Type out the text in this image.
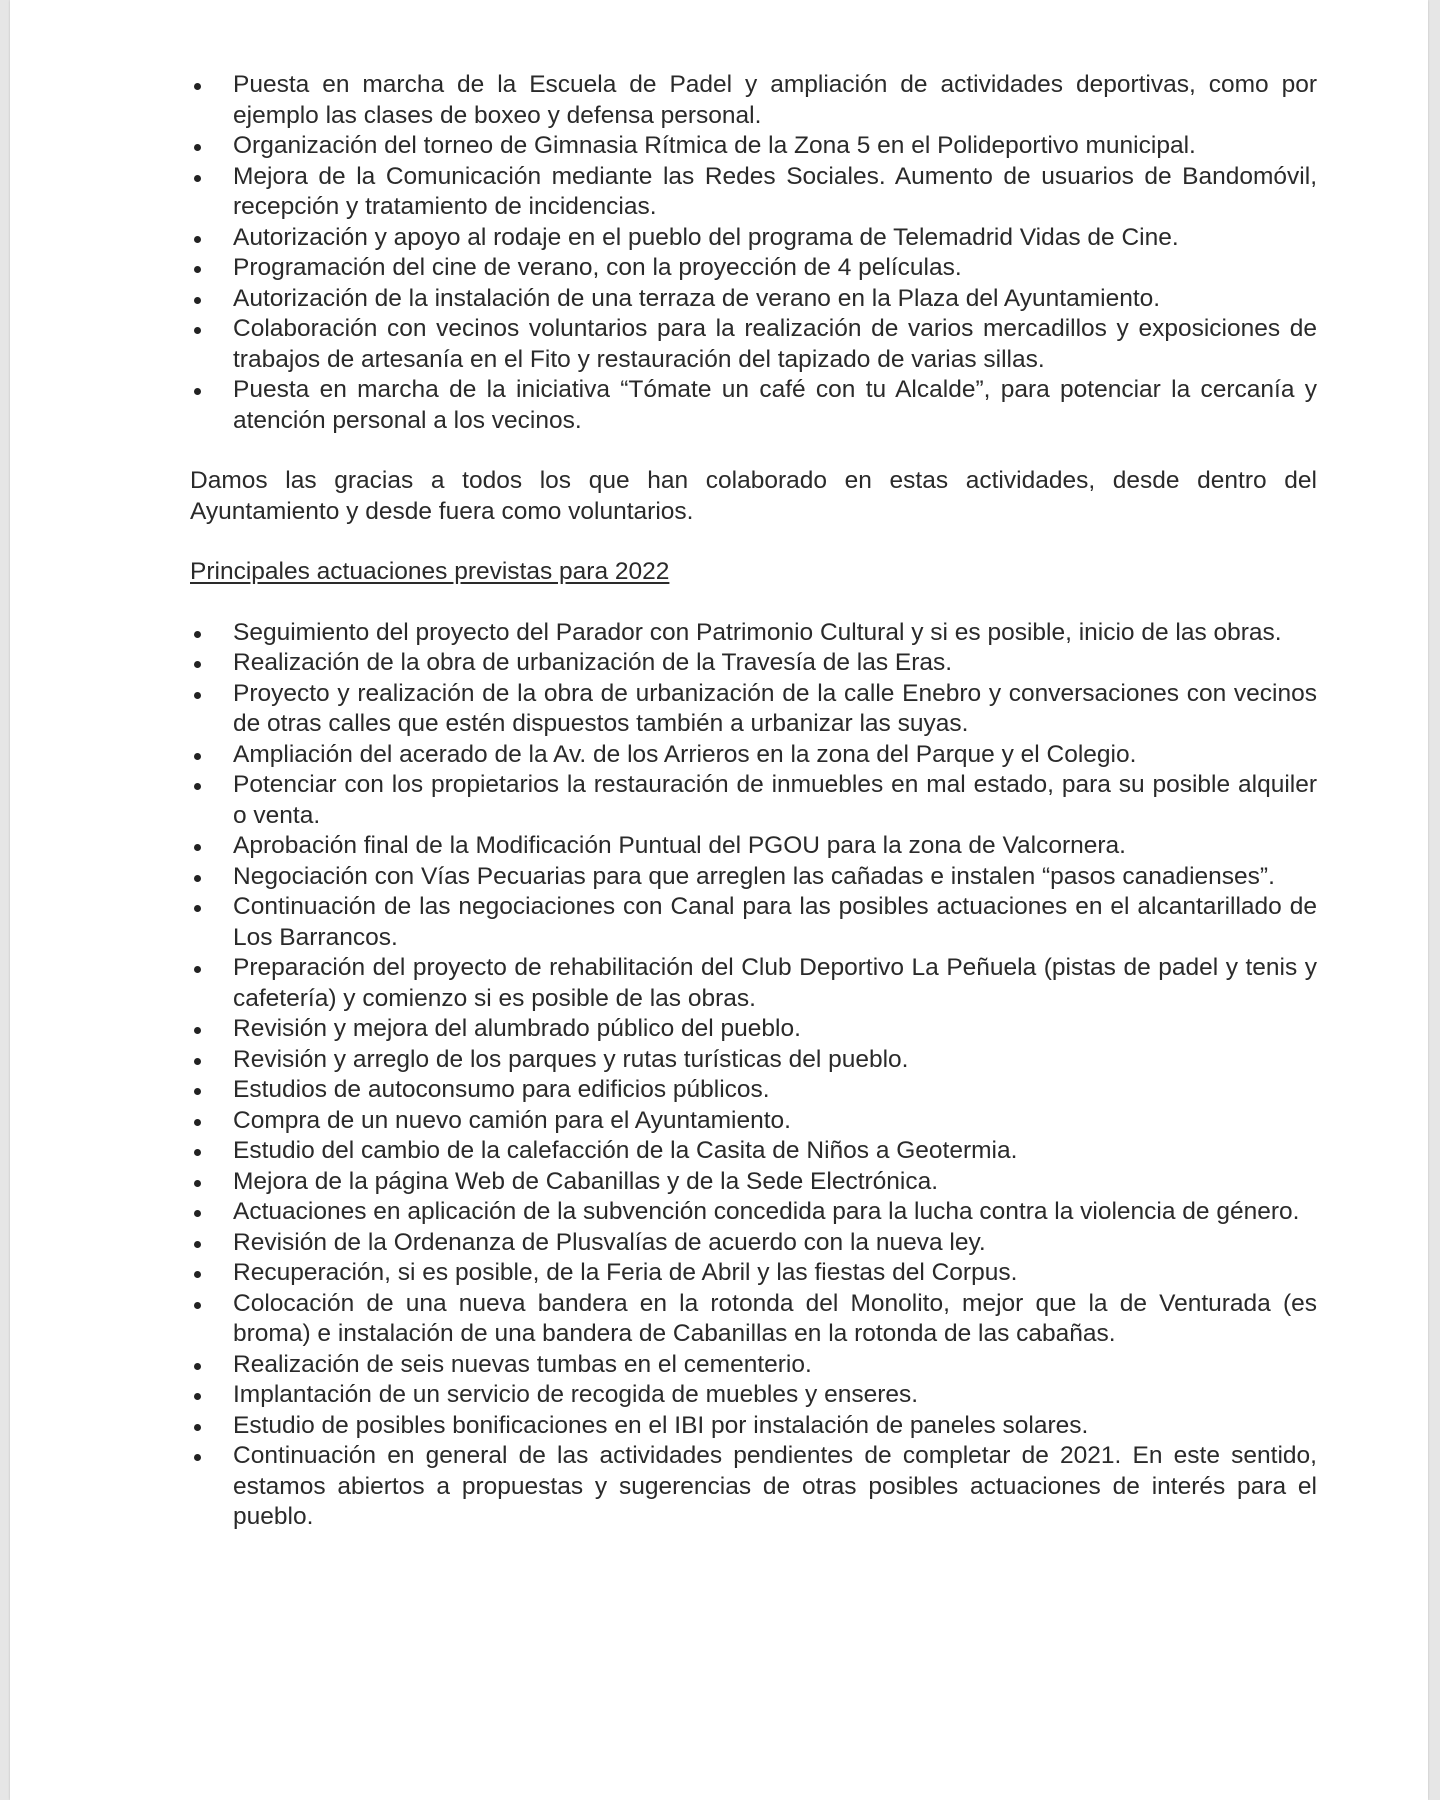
Puesta en marcha de la Escuela de Padel y ampliación de actividades deportivas, como por ejemplo las clases de boxeo y defensa personal.
Organización del torneo de Gimnasia Rítmica de la Zona 5 en el Polideportivo municipal.
Mejora de la Comunicación mediante las Redes Sociales. Aumento de usuarios de Bandomóvil, recepción y tratamiento de incidencias.
Autorización y apoyo al rodaje en el pueblo del programa de Telemadrid Vidas de Cine.
Programación del cine de verano, con la proyección de 4 películas.
Autorización de la instalación de una terraza de verano en la Plaza del Ayuntamiento.
Colaboración con vecinos voluntarios para la realización de varios mercadillos y exposiciones de trabajos de artesanía en el Fito y restauración del tapizado de varias sillas.
Puesta en marcha de la iniciativa “Tómate un café con tu Alcalde”, para potenciar la cercanía y atención personal a los vecinos.

Damos las gracias a todos los que han colaborado en estas actividades, desde dentro del Ayuntamiento y desde fuera como voluntarios.

Principales actuaciones previstas para 2022

Seguimiento del proyecto del Parador con Patrimonio Cultural y si es posible, inicio de las obras.
Realización de la obra de urbanización de la Travesía de las Eras.
Proyecto y realización de la obra de urbanización de la calle Enebro y conversaciones con vecinos de otras calles que estén dispuestos también a urbanizar las suyas.
Ampliación del acerado de la Av. de los Arrieros en la zona del Parque y el Colegio.
Potenciar con los propietarios la restauración de inmuebles en mal estado, para su posible alquiler o venta.
Aprobación final de la Modificación Puntual del PGOU para la zona de Valcornera.
Negociación con Vías Pecuarias para que arreglen las cañadas e instalen “pasos canadienses”.
Continuación de las negociaciones con Canal para las posibles actuaciones en el alcantarillado de Los Barrancos.
Preparación del proyecto de rehabilitación del Club Deportivo La Peñuela (pistas de padel y tenis y cafetería) y comienzo si es posible de las obras.
Revisión y mejora del alumbrado público del pueblo.
Revisión y arreglo de los parques y rutas turísticas del pueblo.
Estudios de autoconsumo para edificios públicos.
Compra de un nuevo camión para el Ayuntamiento.
Estudio del cambio de la calefacción de la Casita de Niños a Geotermia.
Mejora de la página Web de Cabanillas y de la Sede Electrónica.
Actuaciones en aplicación de la subvención concedida para la lucha contra la violencia de género.
Revisión de la Ordenanza de Plusvalías de acuerdo con la nueva ley.
Recuperación, si es posible, de la Feria de Abril y las fiestas del Corpus.
Colocación de una nueva bandera en la rotonda del Monolito, mejor que la de Venturada (es broma) e instalación de una bandera de Cabanillas en la rotonda de las cabañas.
Realización de seis nuevas tumbas en el cementerio.
Implantación de un servicio de recogida de muebles y enseres.
Estudio de posibles bonificaciones en el IBI por instalación de paneles solares.
Continuación en general de las actividades pendientes de completar de 2021. En este sentido, estamos abiertos a propuestas y sugerencias de otras posibles actuaciones de interés para el pueblo.
